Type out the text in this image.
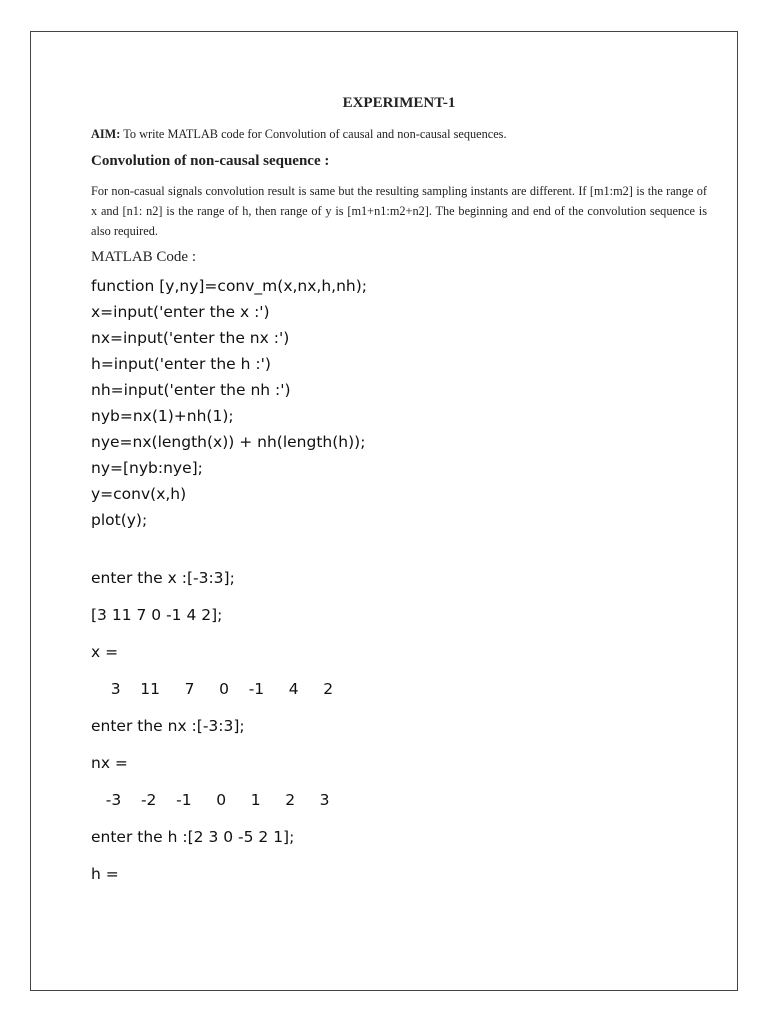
EXPERIMENT-1

AIM: To write MATLAB code for Convolution of causal and non-causal sequences.

Convolution of non-causal sequence :

For non-casual signals convolution result is same but the resulting sampling instants are different. If [m1:m2] is the range of x and [n1: n2] is the range of h, then range of y is [m1+n1:m2+n2]. The beginning and end of the convolution sequence is also required.

MATLAB Code :
function [y,ny]=conv_m(x,nx,h,nh);
x=input('enter the x :')
nx=input('enter the nx :')
h=input('enter the h :')
nh=input('enter the nh :')
nyb=nx(1)+nh(1);
nye=nx(length(x)) + nh(length(h));
ny=[nyb:nye];
y=conv(x,h)
plot(y);
enter the x :[-3:3];
[3 11 7 0 -1 4 2];
x =
3    11     7     0    -1     4     2
enter the nx :[-3:3];
nx =
-3    -2    -1     0     1     2     3
enter the h :[2 3 0 -5 2 1];
h =
